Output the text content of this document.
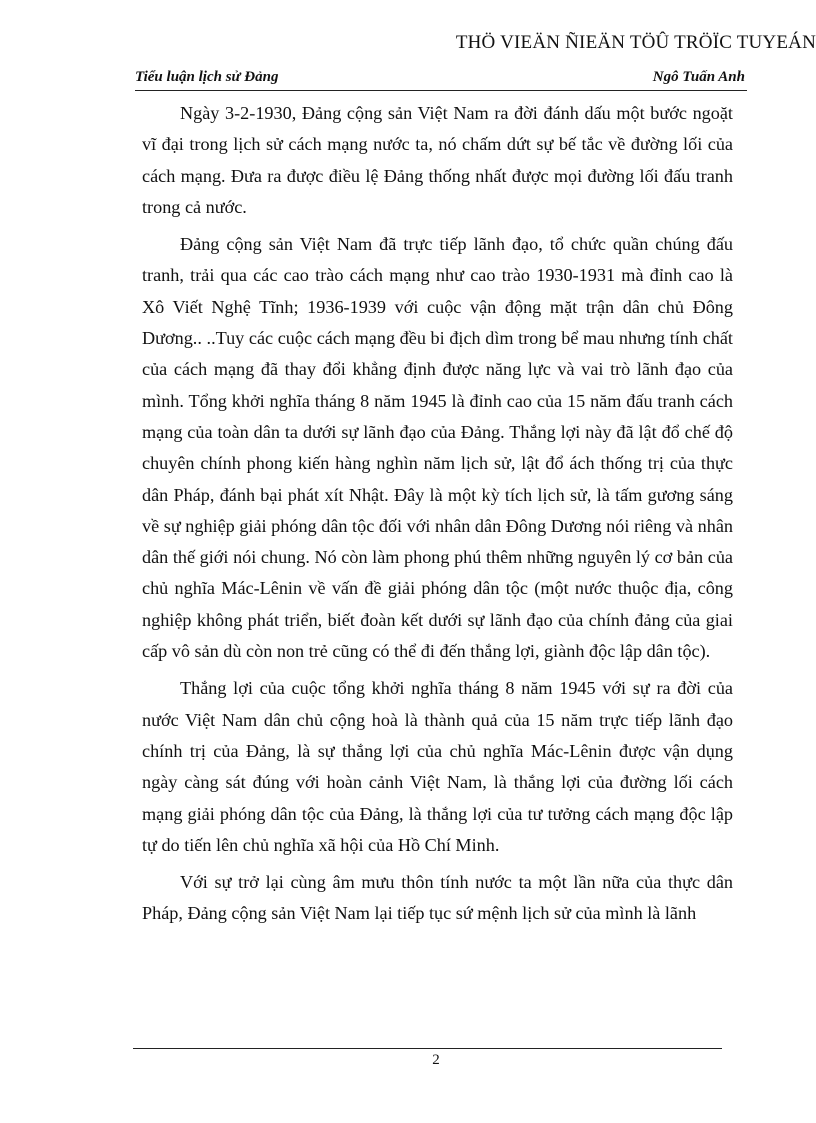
THÖ VIEÄN ÑIEÄN TÖÛ TRÖÏC TUYEÁN
Tiểu luận lịch sử Đảng	Ngô Tuấn Anh

Ngày 3-2-1930, Đảng cộng sản Việt Nam ra đời đánh dấu một bước ngoặt vĩ đại trong lịch sử cách mạng nước ta, nó chấm dứt sự bế tắc về đường lối của cách mạng. Đưa ra được điều lệ Đảng thống nhất được mọi đường lối đấu tranh trong cả nước.

Đảng cộng sản Việt Nam đã trực tiếp lãnh đạo, tổ chức quần chúng đấu tranh, trải qua các cao trào cách mạng như cao trào 1930-1931 mà đỉnh cao là Xô Viết Nghệ Tĩnh; 1936-1939 với cuộc vận động mặt trận dân chủ Đông Dương.. ..Tuy các cuộc cách mạng đều bi địch dìm trong bể mau nhưng tính chất của cách mạng đã thay đổi khẳng định được năng lực và vai trò lãnh đạo của mình. Tổng khởi nghĩa tháng 8 năm 1945 là đỉnh cao của 15 năm đấu tranh cách mạng của toàn dân ta dưới sự lãnh đạo của Đảng. Thắng lợi này đã lật đổ chế độ chuyên chính phong kiến hàng nghìn năm lịch sử, lật đổ ách thống trị của thực dân Pháp, đánh bại phát xít Nhật. Đây là một kỳ tích lịch sử, là tấm gương sáng về sự nghiệp giải phóng dân tộc đối với nhân dân Đông Dương nói riêng và nhân dân thế giới nói chung. Nó còn làm phong phú thêm những nguyên lý cơ bản của chủ nghĩa Mác-Lênin về vấn đề giải phóng dân tộc (một nước thuộc địa, công nghiệp không phát triển, biết đoàn kết dưới sự lãnh đạo của chính đảng của giai cấp vô sản dù còn non trẻ cũng có thể đi đến thắng lợi, giành độc lập dân tộc).

Thắng lợi của cuộc tổng khởi nghĩa tháng 8 năm 1945 với sự ra đời của nước Việt Nam dân chủ cộng hoà là thành quả của 15 năm trực tiếp lãnh đạo chính trị của Đảng, là sự thắng lợi của chủ nghĩa Mác-Lênin được vận dụng ngày càng sát đúng với hoàn cảnh Việt Nam, là thắng lợi của đường lối cách mạng giải phóng dân tộc của Đảng, là thắng lợi của tư tưởng cách mạng độc lập tự do tiến lên chủ nghĩa xã hội của Hồ Chí Minh.

Với sự trở lại cùng âm mưu thôn tính nước ta một lần nữa của thực dân Pháp, Đảng cộng sản Việt Nam lại tiếp tục sứ mệnh lịch sử của mình là lãnh

2
